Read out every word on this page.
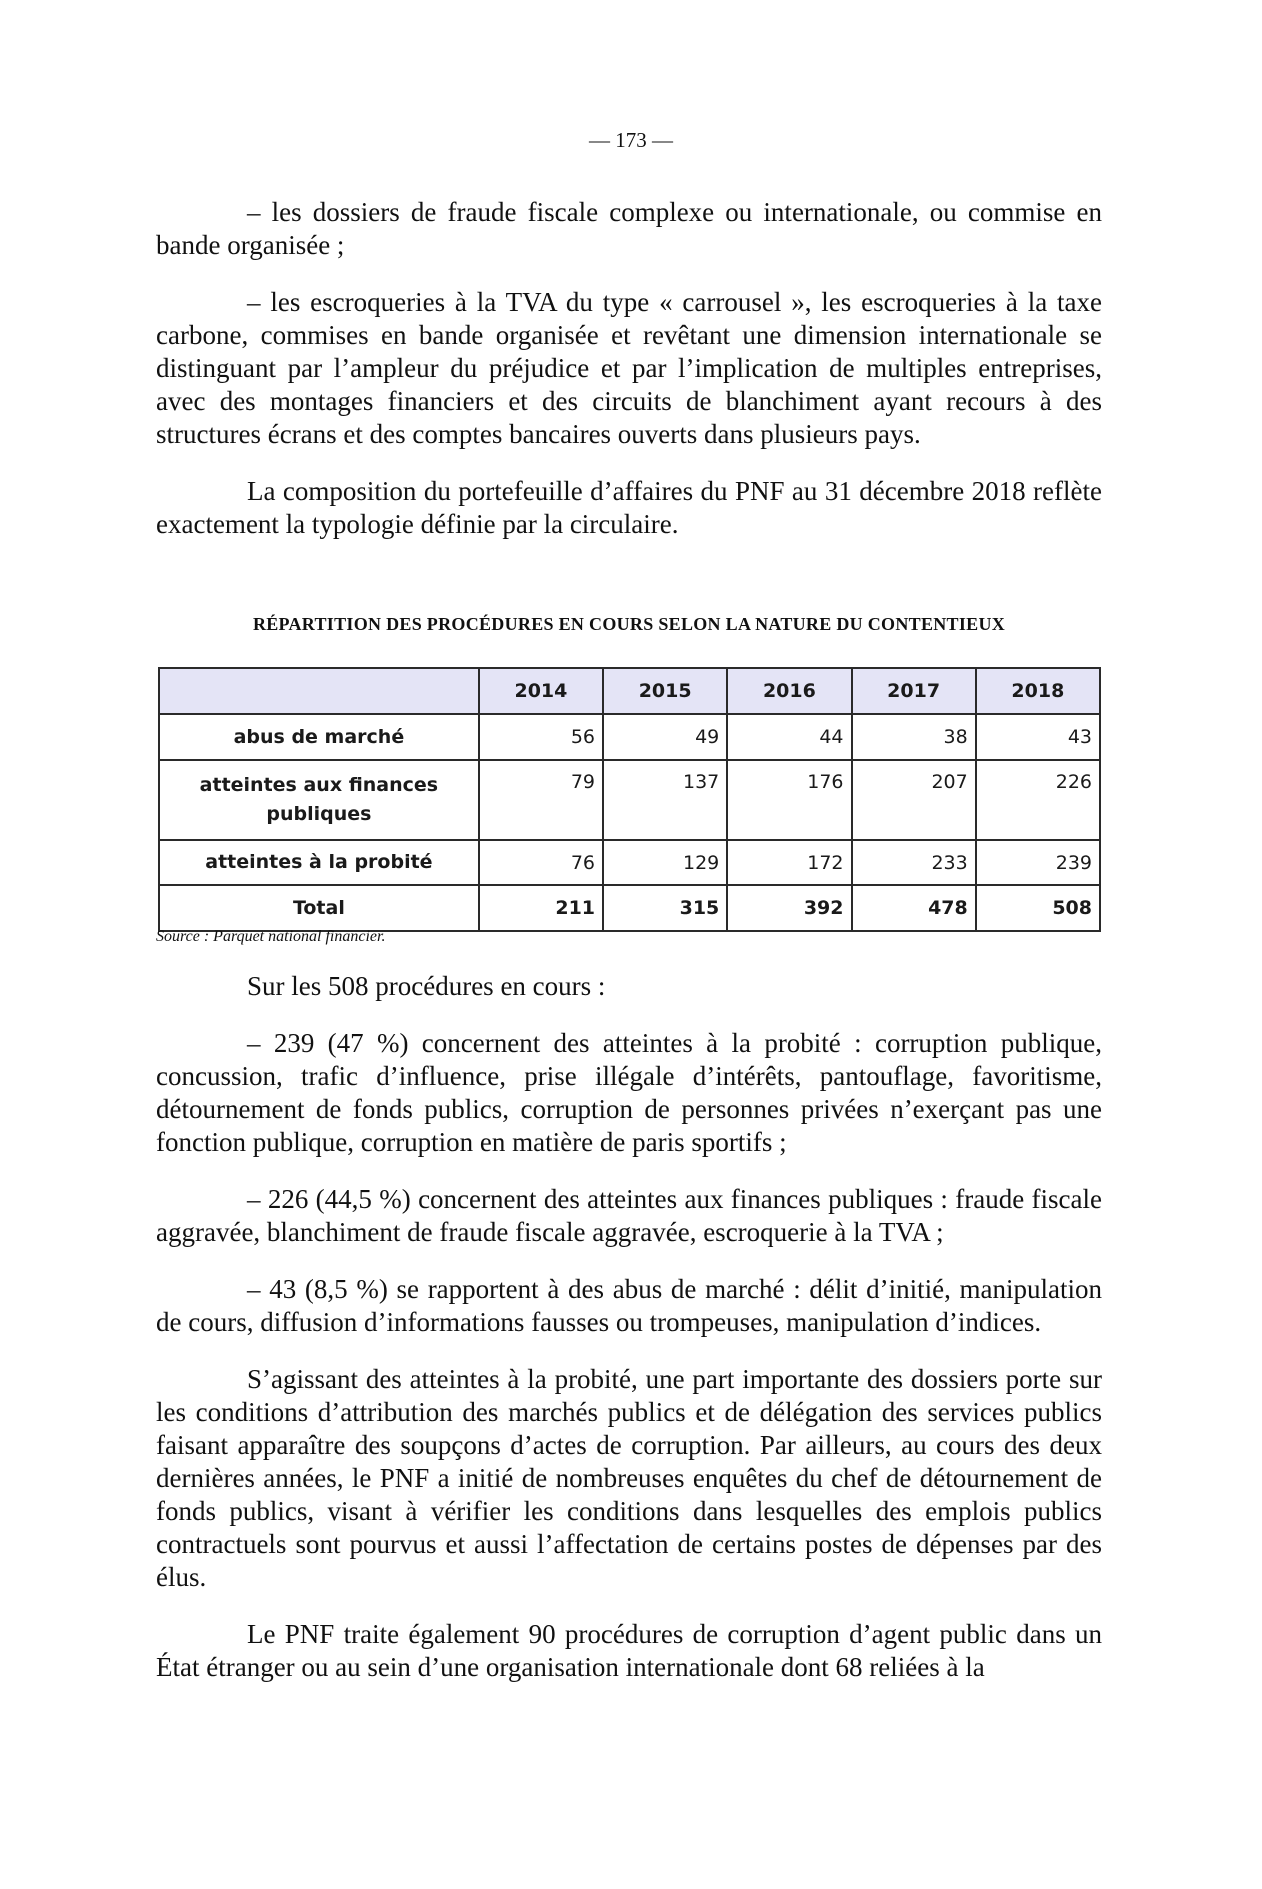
— 173 —

– les dossiers de fraude fiscale complexe ou internationale, ou commise en bande organisée ;

– les escroqueries à la TVA du type « carrousel », les escroqueries à la taxe carbone, commises en bande organisée et revêtant une dimension internationale se distinguant par l’ampleur du préjudice et par l’implication de multiples entreprises, avec des montages financiers et des circuits de blanchiment ayant recours à des structures écrans et des comptes bancaires ouverts dans plusieurs pays.

La composition du portefeuille d’affaires du PNF au 31 décembre 2018 reflète exactement la typologie définie par la circulaire.

RÉPARTITION DES PROCÉDURES EN COURS SELON LA NATURE DU CONTENTIEUX
	2014	2015	2016	2017	2018
abus de marché	56	49	44	38	43
atteintes aux finances publiques	79	137	176	207	226
atteintes à la probité	76	129	172	233	239
Total	211	315	392	478	508
Source : Parquet national financier.

Sur les 508 procédures en cours :

– 239 (47 %) concernent des atteintes à la probité : corruption publique, concussion, trafic d’influence, prise illégale d’intérêts, pantouflage, favoritisme, détournement de fonds publics, corruption de personnes privées n’exerçant pas une fonction publique, corruption en matière de paris sportifs ;

– 226 (44,5 %) concernent des atteintes aux finances publiques : fraude fiscale aggravée, blanchiment de fraude fiscale aggravée, escroquerie à la TVA ;

– 43 (8,5 %) se rapportent à des abus de marché : délit d’initié, manipulation de cours, diffusion d’informations fausses ou trompeuses, manipulation d’indices.

S’agissant des atteintes à la probité, une part importante des dossiers porte sur les conditions d’attribution des marchés publics et de délégation des services publics faisant apparaître des soupçons d’actes de corruption. Par ailleurs, au cours des deux dernières années, le PNF a initié de nombreuses enquêtes du chef de détournement de fonds publics, visant à vérifier les conditions dans lesquelles des emplois publics contractuels sont pourvus et aussi l’affectation de certains postes de dépenses par des élus.

Le PNF traite également 90 procédures de corruption d’agent public dans un État étranger ou au sein d’une organisation internationale dont 68 reliées à la
